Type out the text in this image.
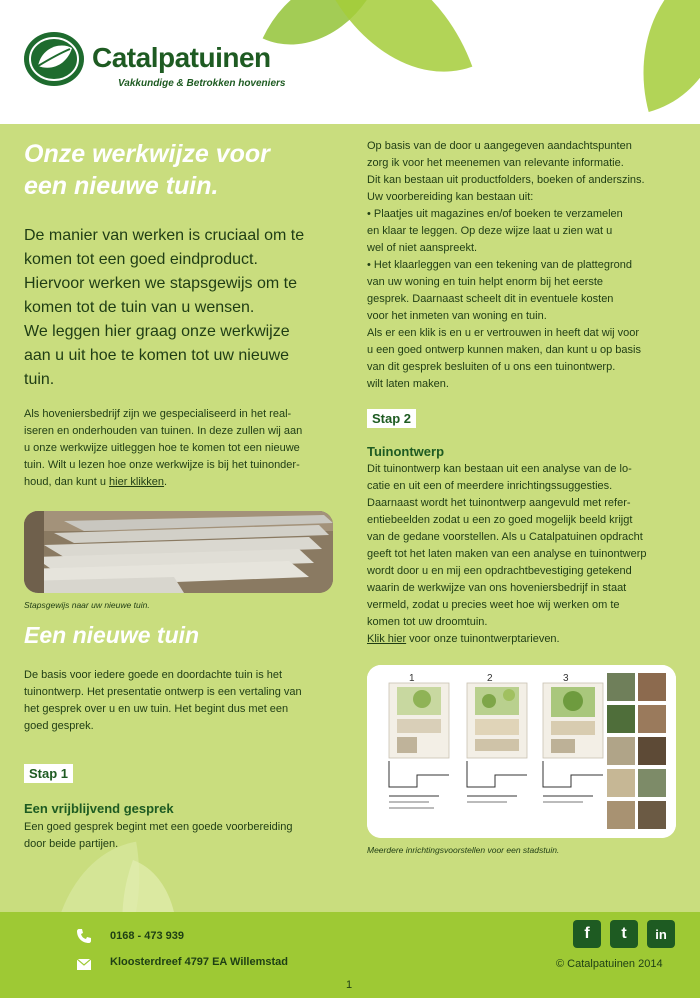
Catalpatuinen
Vakkundige & Betrokken hoveniers
Onze werkwijze voor
een nieuwe tuin.
De manier van werken is cruciaal om te
komen tot een goed eindproduct.
Hiervoor werken we stapsgewijs om te
komen tot de tuin van u wensen.
We leggen hier graag onze werkwijze
aan u uit hoe te komen tot uw nieuwe
tuin.
Als hoveniersbedrijf zijn we gespecialiseerd in het real-
iseren en onderhouden van tuinen. In deze zullen wij aan
u onze werkwijze uitleggen hoe te komen tot een nieuwe
tuin. Wilt u lezen hoe onze werkwijze is bij het tuinonder-
houd, dan kunt u hier klikken.
Stapsgewijs naar uw nieuwe tuin.
Een nieuwe tuin
De basis voor iedere goede en doordachte tuin is het
tuinontwerp. Het presentatie ontwerp is een vertaling van
het gesprek over u en uw tuin. Het begint dus met een
goed gesprek.
Stap 1
Een vrijblijvend gesprek
Een goed gesprek begint met een goede voorbereiding
door beide partijen.
Op basis van de door u aangegeven aandachtspunten
zorg ik voor het meenemen van relevante informatie.
Dit kan bestaan uit productfolders, boeken of anderszins.
Uw voorbereiding kan bestaan uit:
• Plaatjes uit magazines en/of boeken te verzamelen
en klaar te leggen. Op deze wijze laat u zien wat u
wel of niet aanspreekt.
• Het klaarleggen van een tekening van de plattegrond
van uw woning en tuin helpt enorm bij het eerste
gesprek. Daarnaast scheelt dit in eventuele kosten
voor het inmeten van woning en tuin.
Als er een klik is en u er vertrouwen in heeft dat wij voor
u een goed ontwerp kunnen maken, dan kunt u op basis
van dit gesprek besluiten of u ons een tuinontwerp.
wilt laten maken.
Stap 2
Tuinontwerp
Dit tuinontwerp kan bestaan uit een analyse van de lo-
catie en uit een of meerdere inrichtingssuggesties.
Daarnaast wordt het tuinontwerp aangevuld met refer-
entiebeelden zodat u een zo goed mogelijk beeld krijgt
van de gedane voorstellen. Als u Catalpatuinen opdracht
geeft tot het laten maken van een analyse en tuinontwerp
wordt door u en mij een opdrachtbevestiging getekend
waarin de werkwijze van ons hoveniersbedrijf in staat
vermeld, zodat u precies weet hoe wij werken om te
komen tot uw droomtuin.
Klik hier voor onze tuinontwerptarieven.
1	2	3
Meerdere inrichtingsvoorstellen voor een stadstuin.
0168 - 473 939
Kloosterdreef 4797 EA Willemstad
f	t	in
© Catalpatuinen 2014
1
